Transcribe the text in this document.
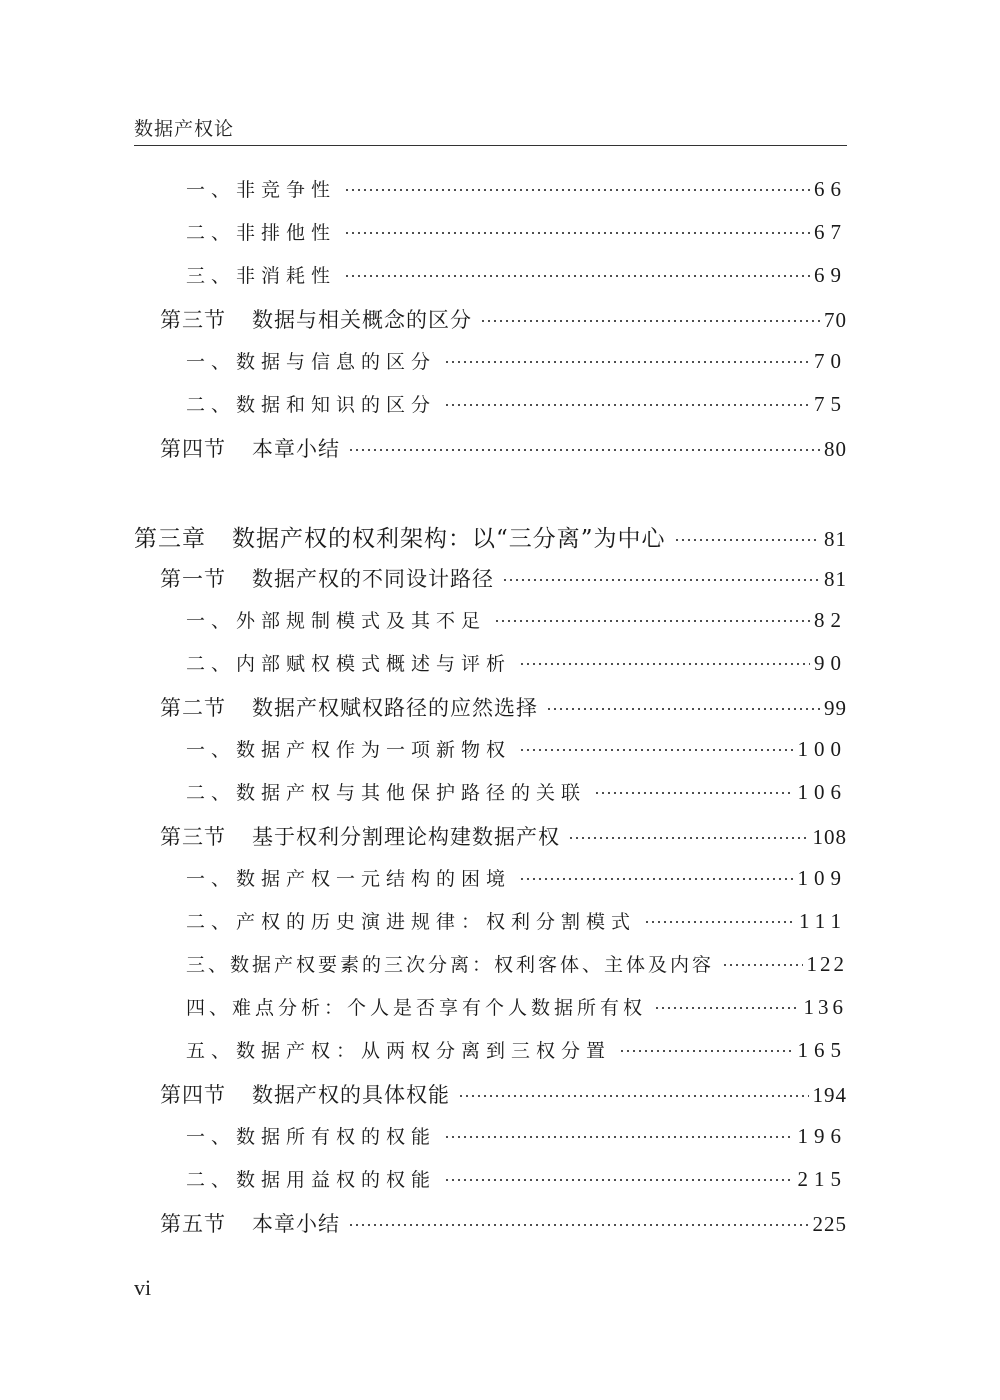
数据产权论
一、非竞争性	66
二、非排他性	67
三、非消耗性	69
第三节 数据与相关概念的区分	70
一、数据与信息的区分	70
二、数据和知识的区分	75
第四节 本章小结	80
第三章 数据产权的权利架构：以“三分离”为中心	81
第一节 数据产权的不同设计路径	81
一、外部规制模式及其不足	82
二、内部赋权模式概述与评析	90
第二节 数据产权赋权路径的应然选择	99
一、数据产权作为一项新物权	100
二、数据产权与其他保护路径的关联	106
第三节 基于权利分割理论构建数据产权	108
一、数据产权一元结构的困境	109
二、产权的历史演进规律：权利分割模式	111
三、数据产权要素的三次分离：权利客体、主体及内容	122
四、难点分析：个人是否享有个人数据所有权	136
五、数据产权：从两权分离到三权分置	165
第四节 数据产权的具体权能	194
一、数据所有权的权能	196
二、数据用益权的权能	215
第五节 本章小结	225
vi
